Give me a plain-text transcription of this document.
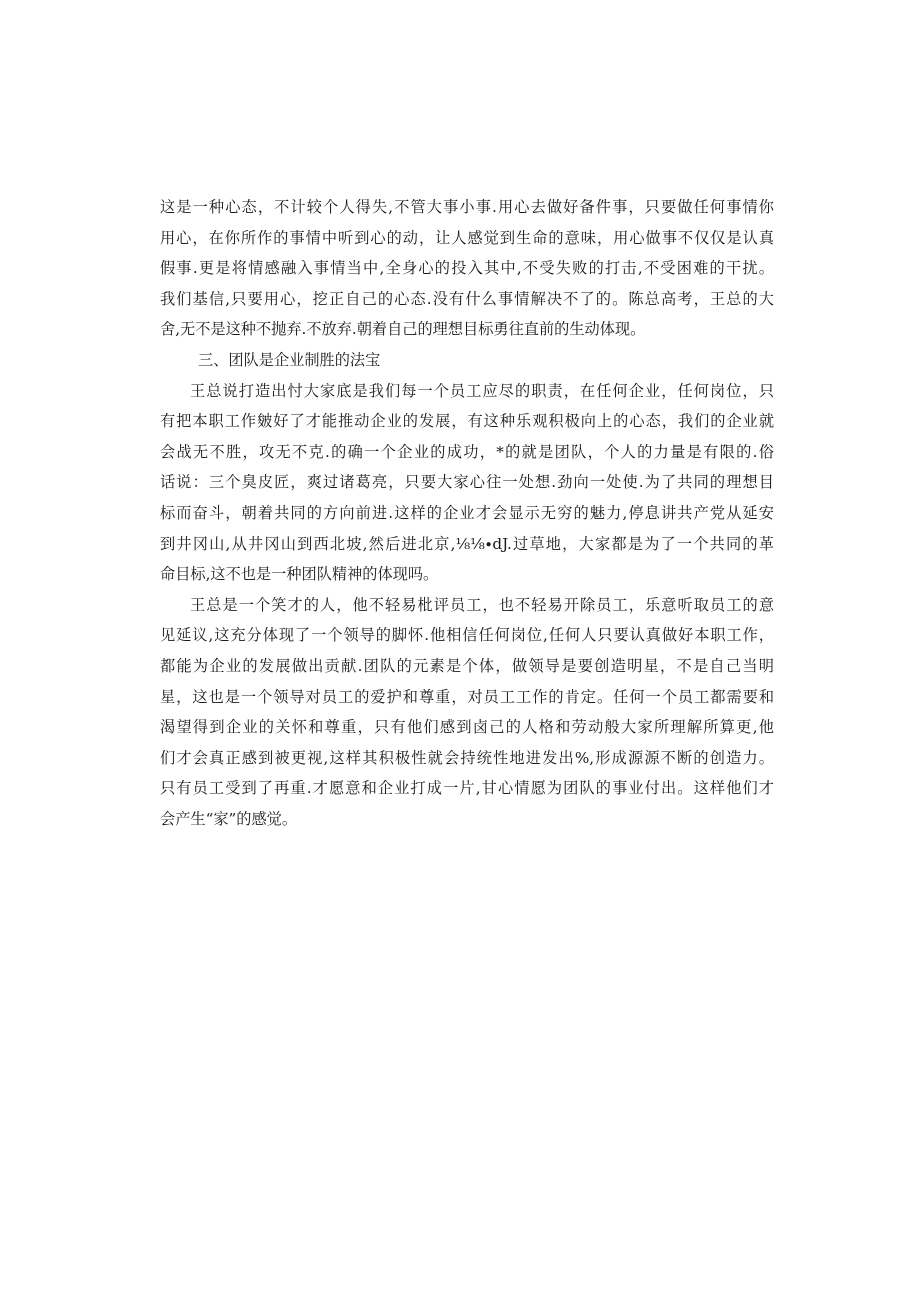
这是一种心态，不计较个人得失,不管大事小事.用心去做好备件事，只要做任何事情你
用心，在你所作的事情中听到心的动，让人感觉到生命的意味，用心做事不仅仅是认真
假事.更是将情感融入事情当中,全身心的投入其中,不受失败的打击,不受困难的干扰。
我们基信,只要用心，挖正自己的心态.没有什么事情解决不了的。陈总高考，王总的大
舍,无不是这种不抛弃.不放弃.朝着自己的理想目标勇往直前的生动体现。
三、团队是企业制胜的法宝
王总说打造出忖大家底是我们每一个员工应尽的职责，在任何企业，任何岗位，只
有把本职工作皴好了才能推动企业的发展，有这种乐观积极向上的心态，我们的企业就
会战无不胜，攻无不克.的确一个企业的成功，*的就是团队，个人的力量是有限的.俗
话说：三个臭皮匠，爽过诸葛亮，只要大家心往一处想.劲向一处使.为了共同的理想目
标而奋斗，朝着共同的方向前进.这样的企业才会显示无穷的魅力,停息讲共产党从延安
到井冈山,从井冈山到西北坡,然后进北京,⅛⅛∙dJ.过草地，大家都是为了一个共同的革
命目标,这不也是一种团队精神的体现吗。
王总是一个笑才的人，他不轻易枇评员工，也不轻易开除员工，乐意听取员工的意
见延议,这充分体现了一个领导的脚怀.他相信任何岗位,任何人只要认真做好本职工作，
都能为企业的发展做出贡献.团队的元素是个体，做领导是要创造明星，不是自己当明
星，这也是一个领导对员工的爱护和尊重，对员工工作的肯定。任何一个员工都需要和
渴望得到企业的关怀和尊重，只有他们感到卤己的人格和劳动般大家所理解所算更,他
们才会真正感到被更视,这样其积极性就会持统性地进发出%,形成源源不断的创造力。
只有员工受到了再重.才愿意和企业打成一片,甘心情愿为团队的事业付出。这样他们才
会产生“家”的感觉。
